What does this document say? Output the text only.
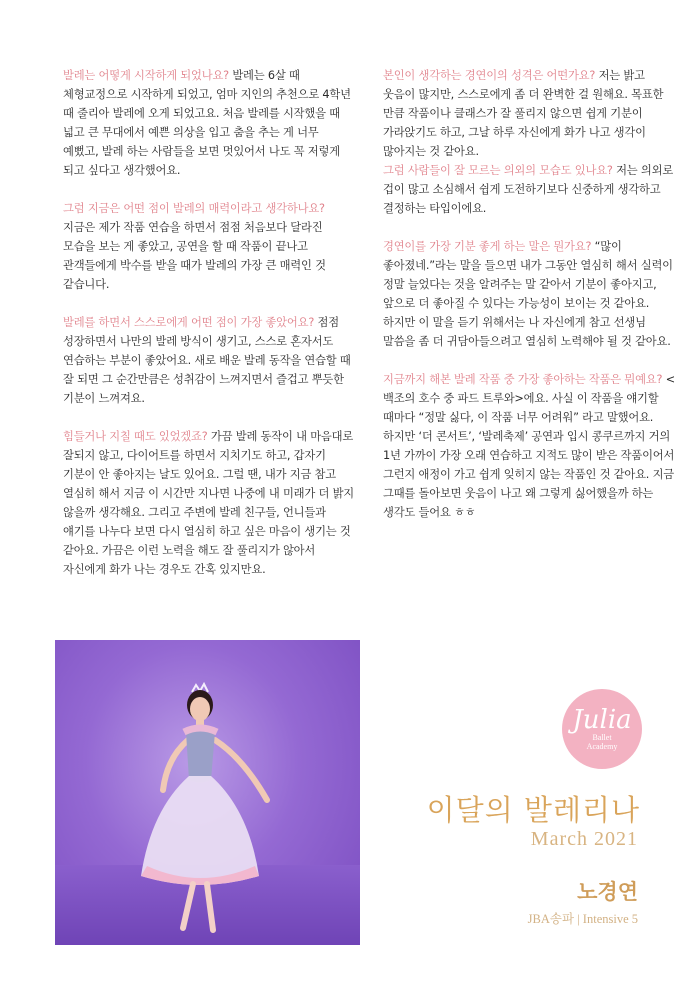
발레는 어떻게 시작하게 되었나요? 발레는 6살 때 체형교정으로 시작하게 되었고, 엄마 지인의 추천으로 4학년 때 줄리아 발레에 오게 되었고요. 처음 발레를 시작했을 때 넓고 큰 무대에서 예쁜 의상을 입고 춤을 추는 게 너무 예뻤고, 발레 하는 사람들을 보면 멋있어서 나도 꼭 저렇게 되고 싶다고 생각했어요.

그럼 지금은 어떤 점이 발레의 매력이라고 생각하나요? 지금은 제가 작품 연습을 하면서 점점 처음보다 달라진 모습을 보는 게 좋았고, 공연을 할 때 작품이 끝나고 관객들에게 박수를 받을 때가 발레의 가장 큰 매력인 것 같습니다.

발레를 하면서 스스로에게 어떤 점이 가장 좋았어요? 점점 성장하면서 나만의 발레 방식이 생기고, 스스로 혼자서도 연습하는 부분이 좋았어요. 새로 배운 발레 동작을 연습할 때 잘 되면 그 순간만큼은 성취감이 느껴지면서 즐겁고 뿌듯한 기분이 느껴져요.

힘들거나 지칠 때도 있었겠죠? 가끔 발레 동작이 내 마음대로 잘되지 않고, 다이어트를 하면서 지치기도 하고, 갑자기 기분이 안 좋아지는 날도 있어요. 그럴 땐, 내가 지금 참고 열심히 해서 지금 이 시간만 지나면 나중에 내 미래가 더 밝지 않을까 생각해요. 그리고 주변에 발레 친구들, 언니들과 얘기를 나누다 보면 다시 열심히 하고 싶은 마음이 생기는 것 같아요. 가끔은 이런 노력을 해도 잘 풀리지가 않아서 자신에게 화가 나는 경우도 간혹 있지만요.

본인이 생각하는 경연이의 성격은 어떤가요? 저는 밝고 웃음이 많지만, 스스로에게 좀 더 완벽한 걸 원해요. 목표한 만큼 작품이나 클래스가 잘 풀리지 않으면 쉽게 기분이 가라앉기도 하고, 그날 하루 자신에게 화가 나고 생각이 많아지는 것 같아요.

그럼 사람들이 잘 모르는 의외의 모습도 있나요? 저는 의외로 겁이 많고 소심해서 쉽게 도전하기보다 신중하게 생각하고 결정하는 타입이에요.

경연이를 가장 기분 좋게 하는 말은 뭔가요? “많이 좋아졌네.”라는 말을 들으면 내가 그동안 열심히 해서 실력이 정말 늘었다는 것을 알려주는 말 같아서 기분이 좋아지고, 앞으로 더 좋아질 수 있다는 가능성이 보이는 것 같아요. 하지만 이 말을 듣기 위해서는 나 자신에게 참고 선생님 말씀을 좀 더 귀담아들으려고 열심히 노력해야 될 것 같아요.

지금까지 해본 발레 작품 중 가장 좋아하는 작품은 뭐예요? <백조의 호수 중 파드 트루와>에요. 사실 이 작품을 얘기할 때마다 “정말 싫다, 이 작품 너무 어려워” 라고 말했어요. 하지만 ‘더 콘서트’, ‘발레축제’ 공연과 입시 콩쿠르까지 거의 1년 가까이 가장 오래 연습하고 지적도 많이 받은 작품이어서 그런지 애정이 가고 쉽게 잊히지 않는 작품인 것 같아요. 지금 그때를 돌아보면 웃음이 나고 왜 그렇게 싫어했을까 하는 생각도 들어요 ㅎㅎ

Julia
Ballet
Academy
이달의 발레리나
March 2021
노경연
JBA송파 | Intensive 5
